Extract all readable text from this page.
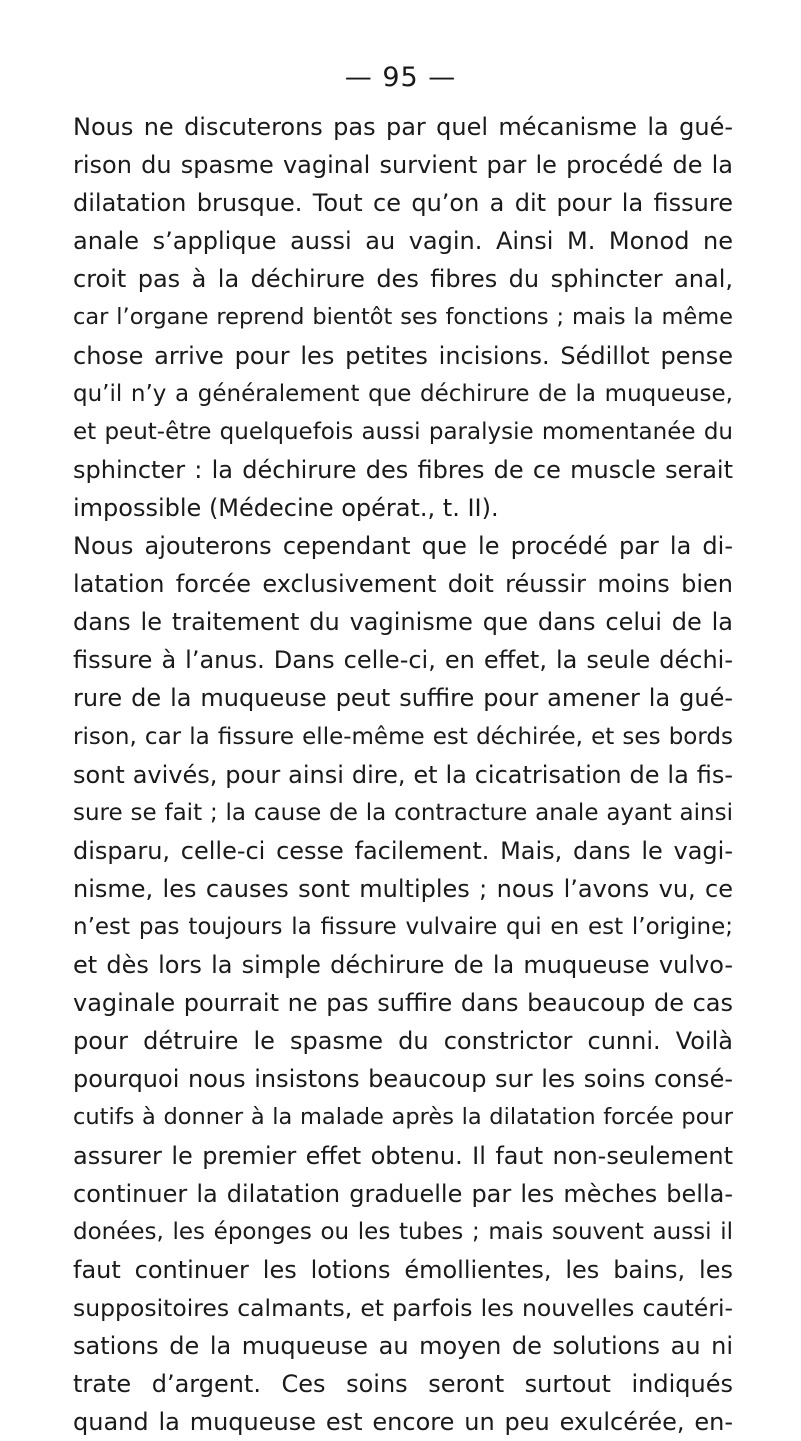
— 95 —
Nous ne discuterons pas par quel mécanisme la gué-
rison du spasme vaginal survient par le procédé de la
dilatation brusque. Tout ce qu’on a dit pour la fissure
anale s’applique aussi au vagin. Ainsi M. Monod ne
croit pas à la déchirure des fibres du sphincter anal,
car l’organe reprend bientôt ses fonctions ; mais la même
chose arrive pour les petites incisions. Sédillot pense
qu’il n’y a généralement que déchirure de la muqueuse,
et peut-être quelquefois aussi paralysie momentanée du
sphincter : la déchirure des fibres de ce muscle serait
impossible (Médecine opérat., t. II).
Nous ajouterons cependant que le procédé par la di-
latation forcée exclusivement doit réussir moins bien
dans le traitement du vaginisme que dans celui de la
fissure à l’anus. Dans celle-ci, en effet, la seule déchi-
rure de la muqueuse peut suffire pour amener la gué-
rison, car la fissure elle-même est déchirée, et ses bords
sont avivés, pour ainsi dire, et la cicatrisation de la fis-
sure se fait ; la cause de la contracture anale ayant ainsi
disparu, celle-ci cesse facilement. Mais, dans le vagi-
nisme, les causes sont multiples ; nous l’avons vu, ce
n’est pas toujours la fissure vulvaire qui en est l’origine;
et dès lors la simple déchirure de la muqueuse vulvo-
vaginale pourrait ne pas suffire dans beaucoup de cas
pour détruire le spasme du constrictor cunni. Voilà
pourquoi nous insistons beaucoup sur les soins consé-
cutifs à donner à la malade après la dilatation forcée pour
assurer le premier effet obtenu. Il faut non-seulement
continuer la dilatation graduelle par les mèches bella-
donées, les éponges ou les tubes ; mais souvent aussi il
faut continuer les lotions émollientes, les bains, les
suppositoires calmants, et parfois les nouvelles cautéri-
sations de la muqueuse au moyen de solutions au ni
trate d’argent. Ces soins seront surtout indiqués
quand la muqueuse est encore un peu exulcérée, en-
